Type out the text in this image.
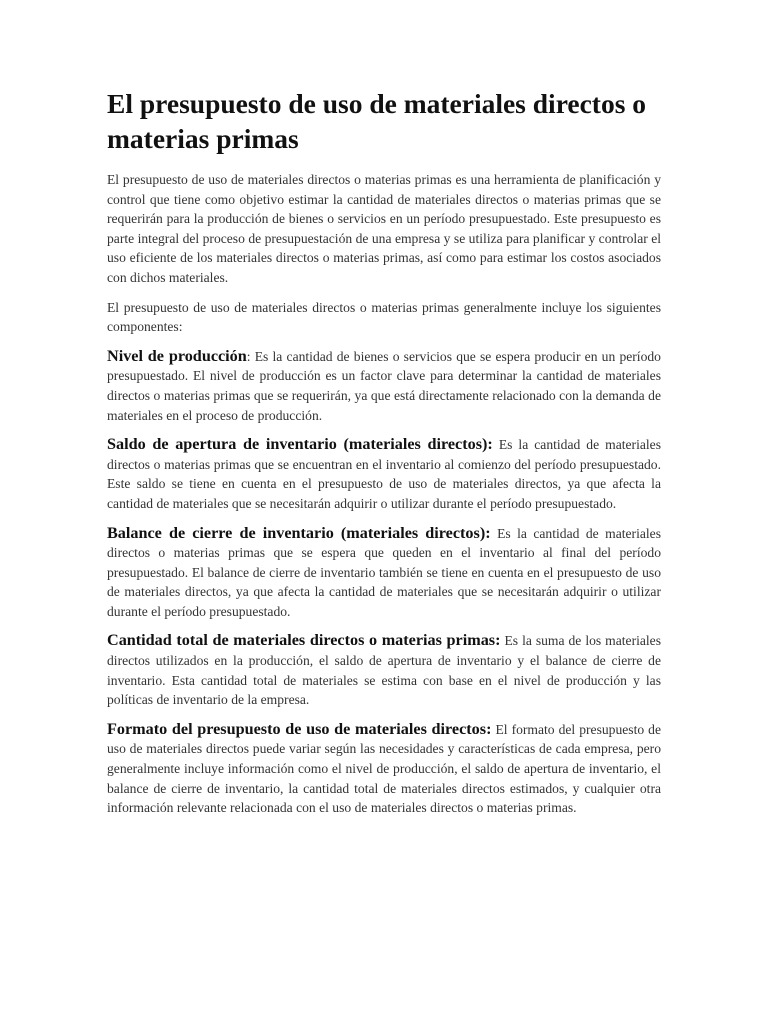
El presupuesto de uso de materiales directos o materias primas

El presupuesto de uso de materiales directos o materias primas es una herramienta de planificación y control que tiene como objetivo estimar la cantidad de materiales directos o materias primas que se requerirán para la producción de bienes o servicios en un período presupuestado. Este presupuesto es parte integral del proceso de presupuestación de una empresa y se utiliza para planificar y controlar el uso eficiente de los materiales directos o materias primas, así como para estimar los costos asociados con dichos materiales.

El presupuesto de uso de materiales directos o materias primas generalmente incluye los siguientes componentes:

Nivel de producción: Es la cantidad de bienes o servicios que se espera producir en un período presupuestado. El nivel de producción es un factor clave para determinar la cantidad de materiales directos o materias primas que se requerirán, ya que está directamente relacionado con la demanda de materiales en el proceso de producción.

Saldo de apertura de inventario (materiales directos): Es la cantidad de materiales directos o materias primas que se encuentran en el inventario al comienzo del período presupuestado. Este saldo se tiene en cuenta en el presupuesto de uso de materiales directos, ya que afecta la cantidad de materiales que se necesitarán adquirir o utilizar durante el período presupuestado.

Balance de cierre de inventario (materiales directos): Es la cantidad de materiales directos o materias primas que se espera que queden en el inventario al final del período presupuestado. El balance de cierre de inventario también se tiene en cuenta en el presupuesto de uso de materiales directos, ya que afecta la cantidad de materiales que se necesitarán adquirir o utilizar durante el período presupuestado.

Cantidad total de materiales directos o materias primas: Es la suma de los materiales directos utilizados en la producción, el saldo de apertura de inventario y el balance de cierre de inventario. Esta cantidad total de materiales se estima con base en el nivel de producción y las políticas de inventario de la empresa.

Formato del presupuesto de uso de materiales directos: El formato del presupuesto de uso de materiales directos puede variar según las necesidades y características de cada empresa, pero generalmente incluye información como el nivel de producción, el saldo de apertura de inventario, el balance de cierre de inventario, la cantidad total de materiales directos estimados, y cualquier otra información relevante relacionada con el uso de materiales directos o materias primas.
